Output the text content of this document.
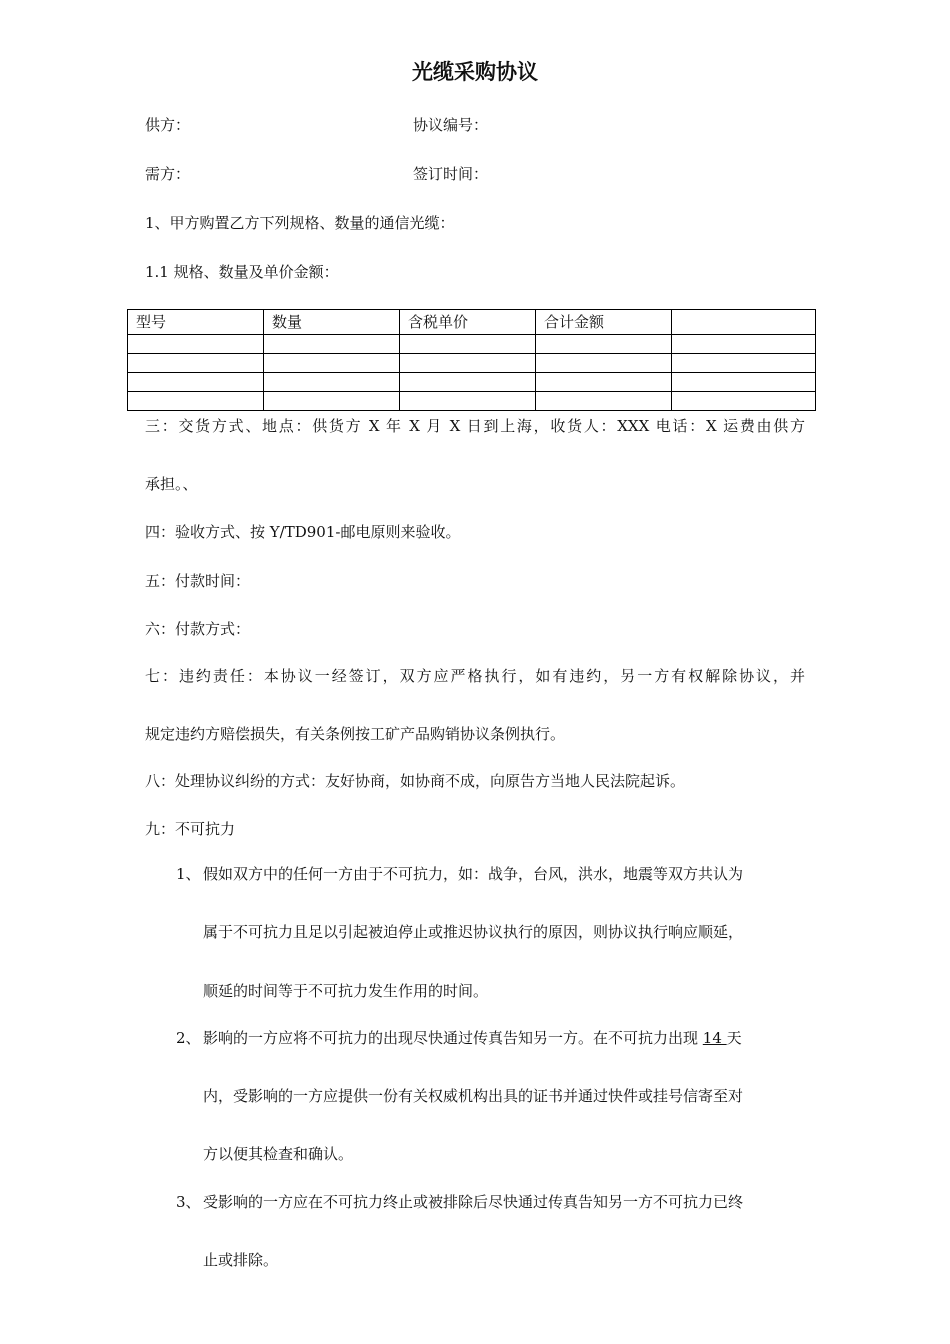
光缆采购协议
供方：	协议编号：
需方：	签订时间：
1、甲方购置乙方下列规格、数量的通信光缆：
1.1 规格、数量及单价金额：
型号	数量	含税单价	合计金额	

三：交货方式、地点：供货方 X 年 X 月 X 日到上海，收货人：XXX 电话：X 运费由供方
承担。、
四：验收方式、按 Y/TD901-邮电原则来验收。
五：付款时间：
六：付款方式：
七：违约责任：本协议一经签订，双方应严格执行，如有违约，另一方有权解除协议，并
规定违约方赔偿损失，有关条例按工矿产品购销协议条例执行。
八：处理协议纠纷的方式：友好协商，如协商不成，向原告方当地人民法院起诉。
九：不可抗力
1、 假如双方中的任何一方由于不可抗力，如：战争，台风，洪水，地震等双方共认为
属于不可抗力且足以引起被迫停止或推迟协议执行的原因，则协议执行响应顺延，
顺延的时间等于不可抗力发生作用的时间。
2、 影响的一方应将不可抗力的出现尽快通过传真告知另一方。在不可抗力出现 14 天
内，受影响的一方应提供一份有关权威机构出具的证书并通过快件或挂号信寄至对
方以便其检查和确认。
3、 受影响的一方应在不可抗力终止或被排除后尽快通过传真告知另一方不可抗力已终
止或排除。
